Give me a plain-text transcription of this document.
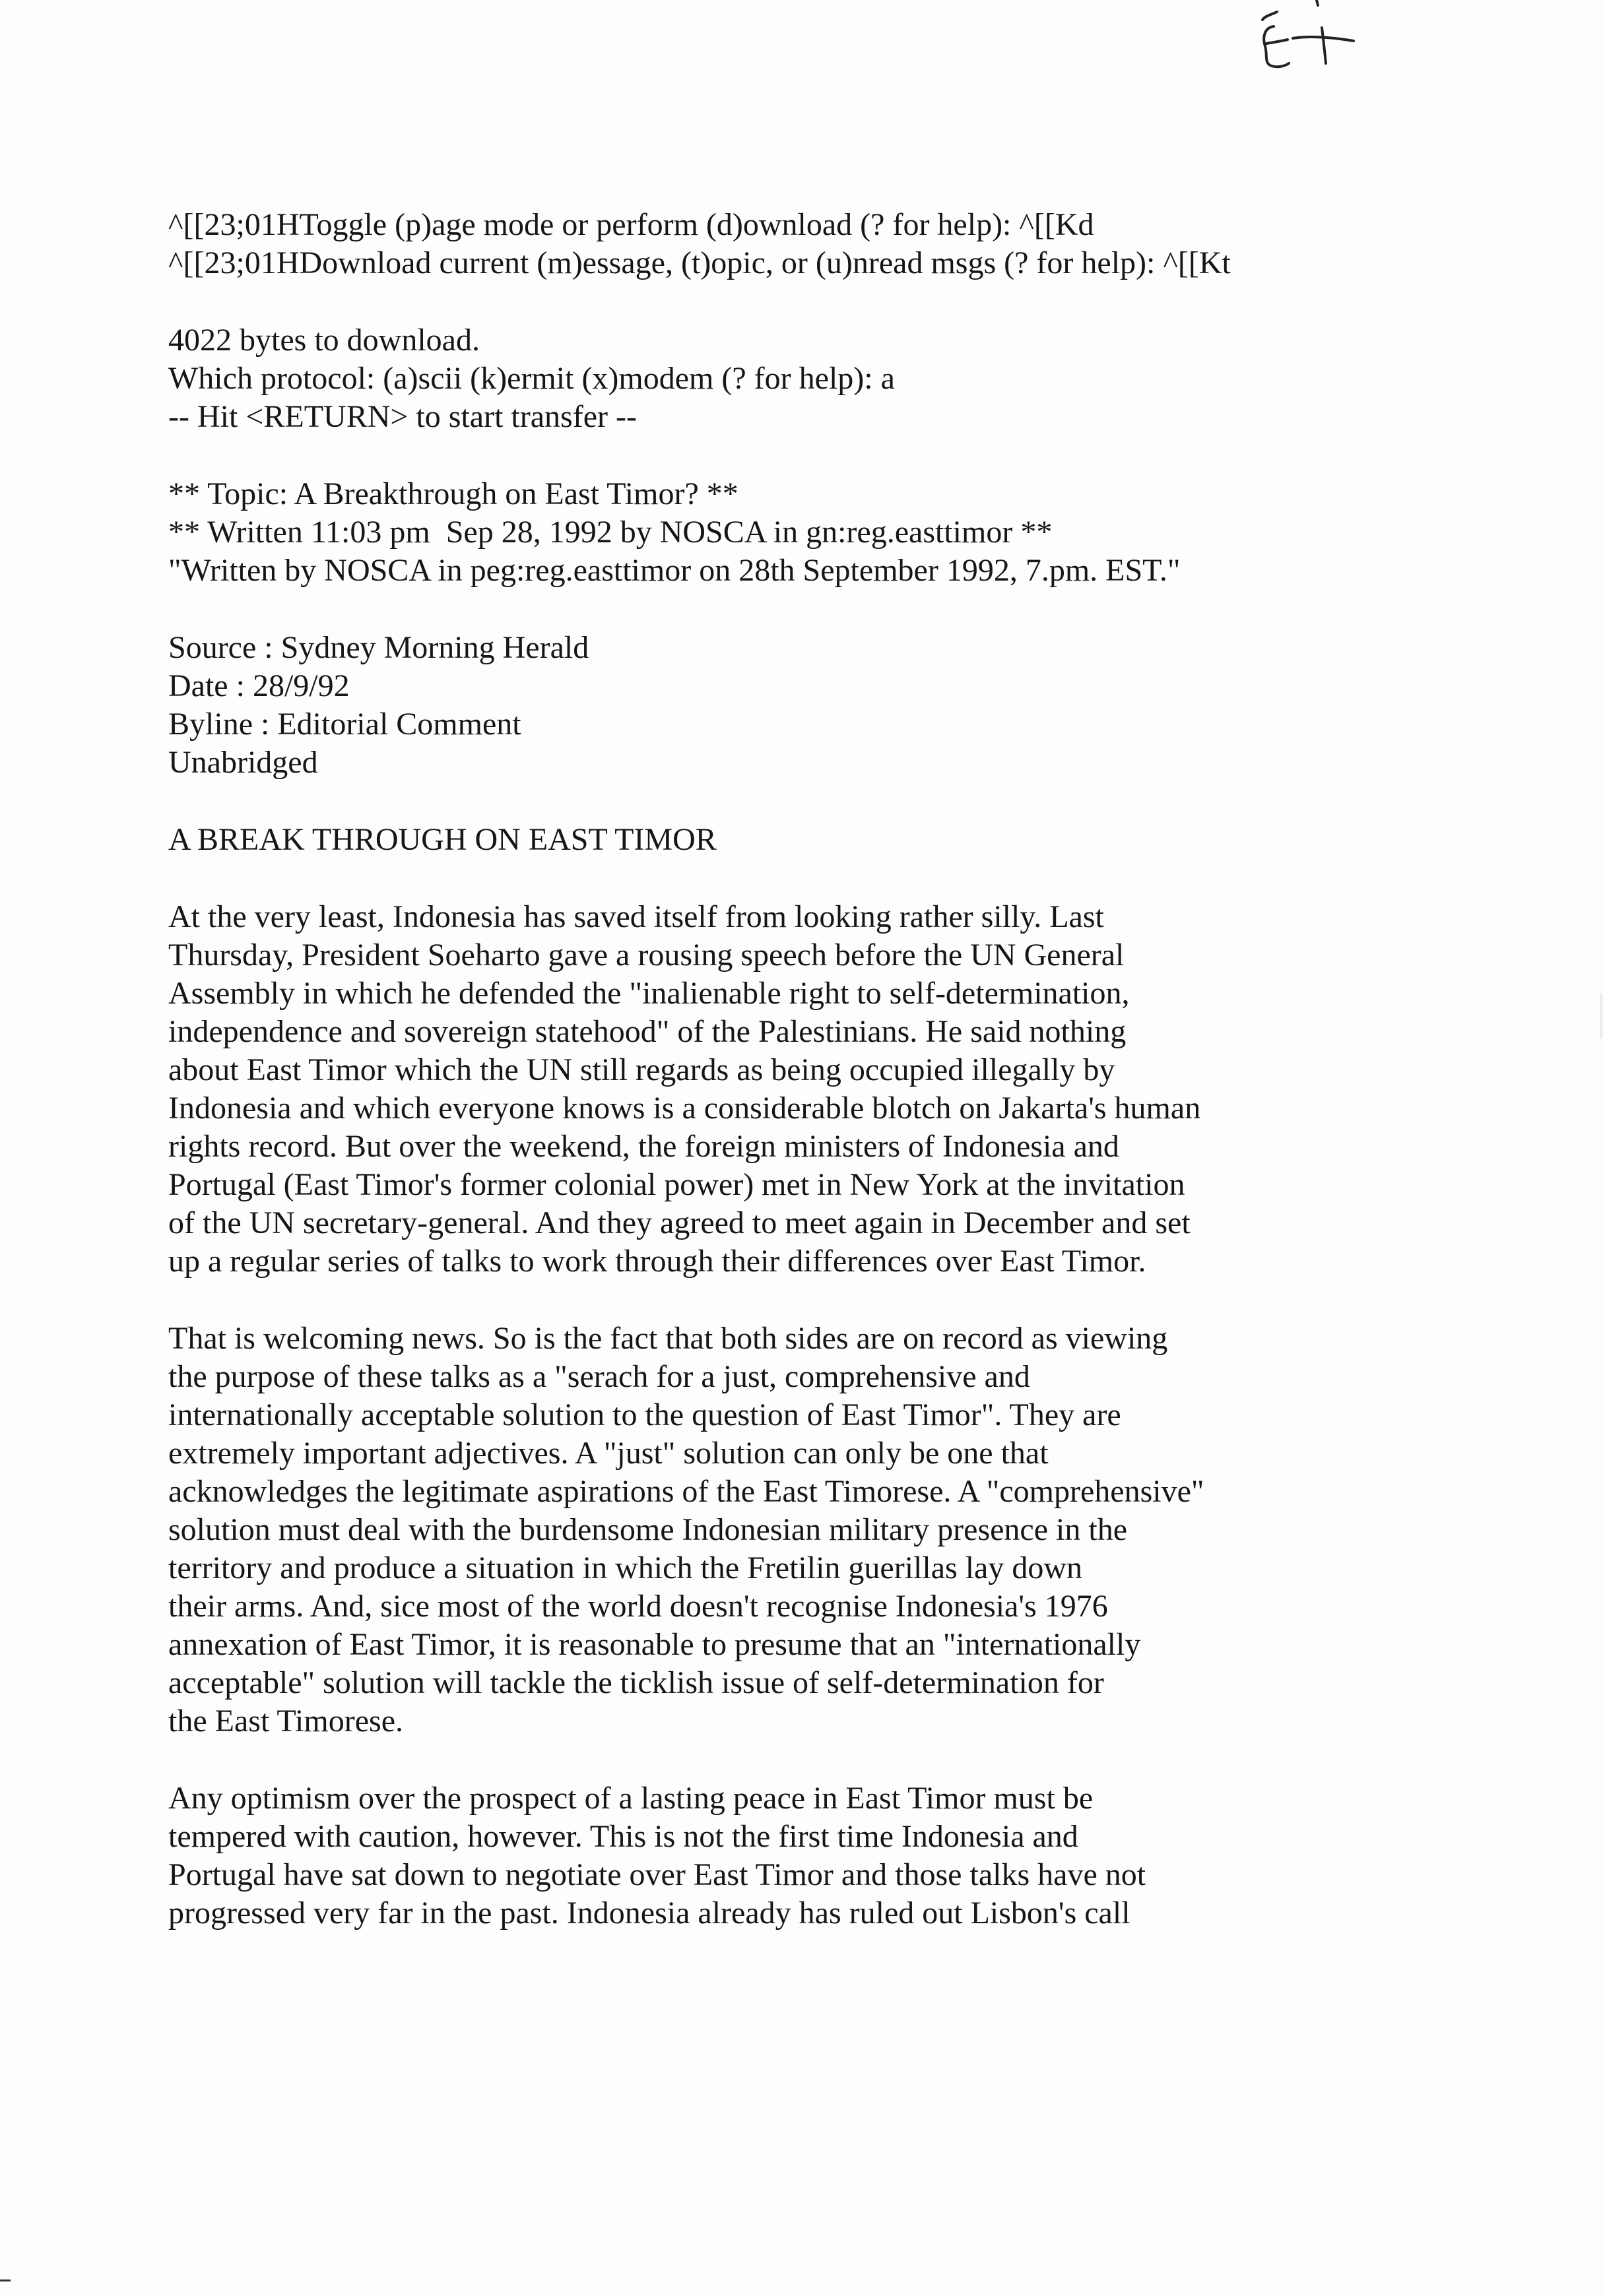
^[[23;01HToggle (p)age mode or perform (d)ownload (? for help): ^[[Kd
^[[23;01HDownload current (m)essage, (t)opic, or (u)nread msgs (? for help): ^[[Kt
4022 bytes to download.
Which protocol: (a)scii (k)ermit (x)modem (? for help): a
-- Hit <RETURN> to start transfer --
** Topic: A Breakthrough on East Timor? **
** Written 11:03 pm  Sep 28, 1992 by NOSCA in gn:reg.easttimor **
"Written by NOSCA in peg:reg.easttimor on 28th September 1992, 7.pm. EST."
Source : Sydney Morning Herald
Date : 28/9/92
Byline : Editorial Comment
Unabridged
A BREAK THROUGH ON EAST TIMOR
At the very least, Indonesia has saved itself from looking rather silly. Last
Thursday, President Soeharto gave a rousing speech before the UN General
Assembly in which he defended the "inalienable right to self-determination,
independence and sovereign statehood" of the Palestinians. He said nothing
about East Timor which the UN still regards as being occupied illegally by
Indonesia and which everyone knows is a considerable blotch on Jakarta's human
rights record. But over the weekend, the foreign ministers of Indonesia and
Portugal (East Timor's former colonial power) met in New York at the invitation
of the UN secretary-general. And they agreed to meet again in December and set
up a regular series of talks to work through their differences over East Timor.
That is welcoming news. So is the fact that both sides are on record as viewing
the purpose of these talks as a "serach for a just, comprehensive and
internationally acceptable solution to the question of East Timor". They are
extremely important adjectives. A "just" solution can only be one that
acknowledges the legitimate aspirations of the East Timorese. A "comprehensive"
solution must deal with the burdensome Indonesian military presence in the
territory and produce a situation in which the Fretilin guerillas lay down
their arms. And, sice most of the world doesn't recognise Indonesia's 1976
annexation of East Timor, it is reasonable to presume that an "internationally
acceptable" solution will tackle the ticklish issue of self-determination for
the East Timorese.
Any optimism over the prospect of a lasting peace in East Timor must be
tempered with caution, however. This is not the first time Indonesia and
Portugal have sat down to negotiate over East Timor and those talks have not
progressed very far in the past. Indonesia already has ruled out Lisbon's call
